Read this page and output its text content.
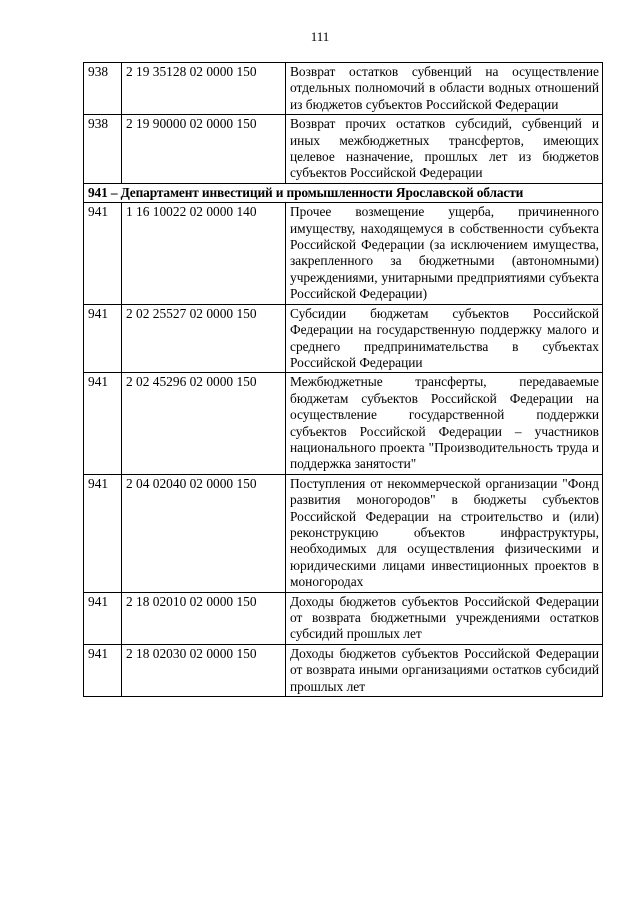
111
938	2 19 35128 02 0000 150	Возврат остатков субвенций на осуществление отдельных полномочий в области водных отношений из бюджетов субъектов Российской Федерации
938	2 19 90000 02 0000 150	Возврат прочих остатков субсидий, субвенций и иных межбюджетных трансфертов, имеющих целевое назначение, прошлых лет из бюджетов субъектов Российской Федерации
941 – Департамент инвестиций и промышленности Ярославской области		
941	1 16 10022 02 0000 140	Прочее возмещение ущерба, причиненного имуществу, находящемуся в собственности субъекта Российской Федерации (за исключением имущества, закрепленного за бюджетными (автономными) учреждениями, унитарными предприятиями субъекта Российской Федерации)
941	2 02 25527 02 0000 150	Субсидии бюджетам субъектов Российской Федерации на государственную поддержку малого и среднего предпринимательства в субъектах Российской Федерации
941	2 02 45296 02 0000 150	Межбюджетные трансферты, передаваемые бюджетам субъектов Российской Федерации на осуществление государственной поддержки субъектов Российской Федерации – участников национального проекта "Производительность труда и поддержка занятости"
941	2 04 02040 02 0000 150	Поступления от некоммерческой организации "Фонд развития моногородов" в бюджеты субъектов Российской Федерации на строительство и (или) реконструкцию объектов инфраструктуры, необходимых для осуществления физическими и юридическими лицами инвестиционных проектов в моногородах
941	2 18 02010 02 0000 150	Доходы бюджетов субъектов Российской Федерации от возврата бюджетными учреждениями остатков субсидий прошлых лет
941	2 18 02030 02 0000 150	Доходы бюджетов субъектов Российской Федерации от возврата иными организациями остатков субсидий прошлых лет
